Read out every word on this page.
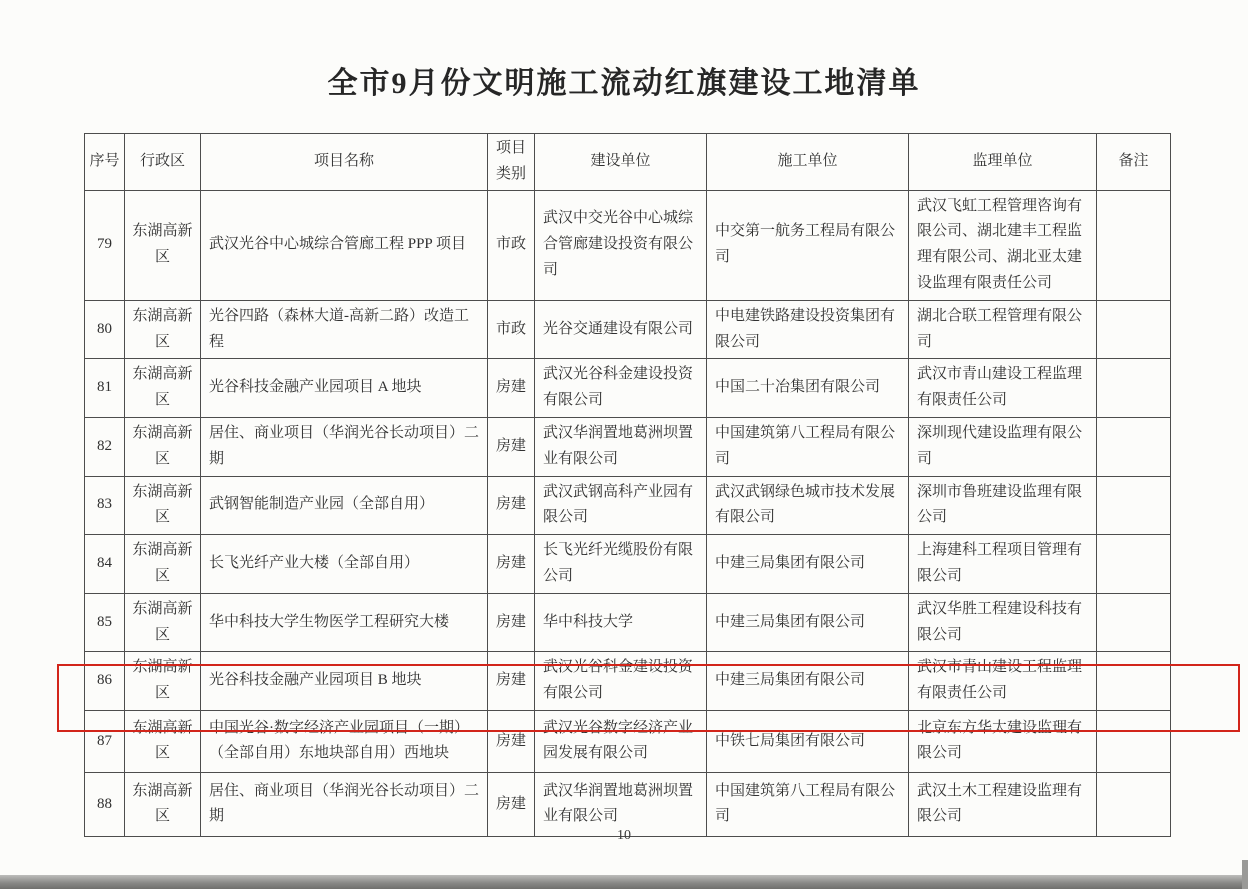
全市9月份文明施工流动红旗建设工地清单
序号	行政区	项目名称	项目类别	建设单位	施工单位	监理单位	备注
79	东湖高新区	武汉光谷中心城综合管廊工程 PPP 项目	市政	武汉中交光谷中心城综合管廊建设投资有限公司	中交第一航务工程局有限公司	武汉飞虹工程管理咨询有限公司、湖北建丰工程监理有限公司、湖北亚太建设监理有限责任公司	
80	东湖高新区	光谷四路（森林大道-高新二路）改造工程	市政	光谷交通建设有限公司	中电建铁路建设投资集团有限公司	湖北合联工程管理有限公司	
81	东湖高新区	光谷科技金融产业园项目 A 地块	房建	武汉光谷科金建设投资有限公司	中国二十冶集团有限公司	武汉市青山建设工程监理有限责任公司	
82	东湖高新区	居住、商业项目（华润光谷长动项目）二期	房建	武汉华润置地葛洲坝置业有限公司	中国建筑第八工程局有限公司	深圳现代建设监理有限公司	
83	东湖高新区	武钢智能制造产业园（全部自用）	房建	武汉武钢高科产业园有限公司	武汉武钢绿色城市技术发展有限公司	深圳市鲁班建设监理有限公司	
84	东湖高新区	长飞光纤产业大楼（全部自用）	房建	长飞光纤光缆股份有限公司	中建三局集团有限公司	上海建科工程项目管理有限公司	
85	东湖高新区	华中科技大学生物医学工程研究大楼	房建	华中科技大学	中建三局集团有限公司	武汉华胜工程建设科技有限公司	
86	东湖高新区	光谷科技金融产业园项目 B 地块	房建	武汉光谷科金建设投资有限公司	中建三局集团有限公司	武汉市青山建设工程监理有限责任公司	
87	东湖高新区	中国光谷·数字经济产业园项目（一期）（全部自用）东地块部自用）西地块	房建	武汉光谷数字经济产业园发展有限公司	中铁七局集团有限公司	北京东方华太建设监理有限公司	
88	东湖高新区	居住、商业项目（华润光谷长动项目）二期	房建	武汉华润置地葛洲坝置业有限公司	中国建筑第八工程局有限公司	武汉土木工程建设监理有限公司	
10
